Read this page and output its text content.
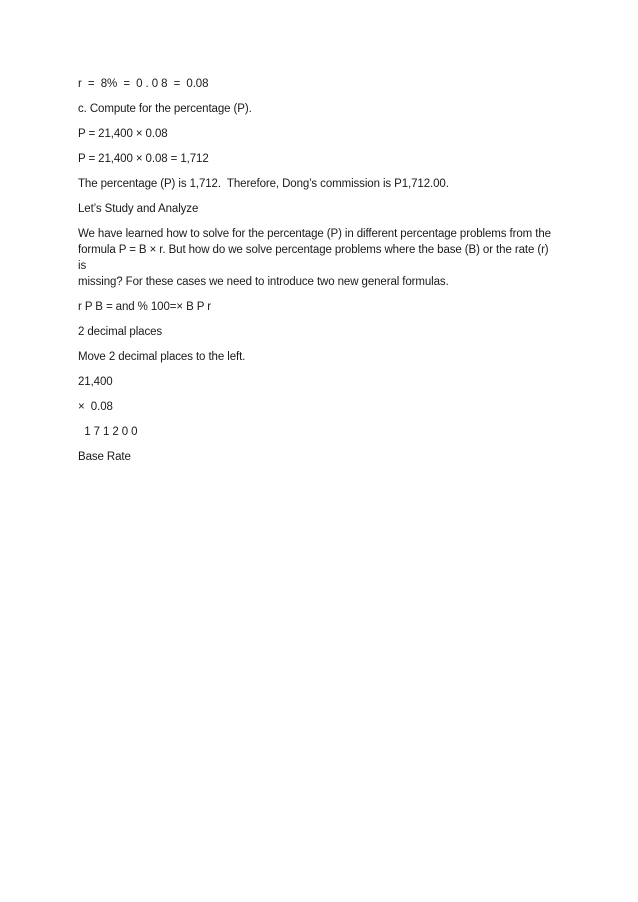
r  =  8%  =  0 . 0 8  =  0.08

c. Compute for the percentage (P).

P = 21,400 × 0.08

P = 21,400 × 0.08 = 1,712

The percentage (P) is 1,712.  Therefore, Dong’s commission is P1,712.00.

Let’s Study and Analyze

We have learned how to solve for the percentage (P) in different percentage problems from the
formula P = B × r. But how do we solve percentage problems where the base (B) or the rate (r) is
missing? For these cases we need to introduce two new general formulas.

r P B = and % 100=× B P r

2 decimal places

Move 2 decimal places to the left.

21,400

×  0.08

1 7 1 2 0 0

Base Rate
